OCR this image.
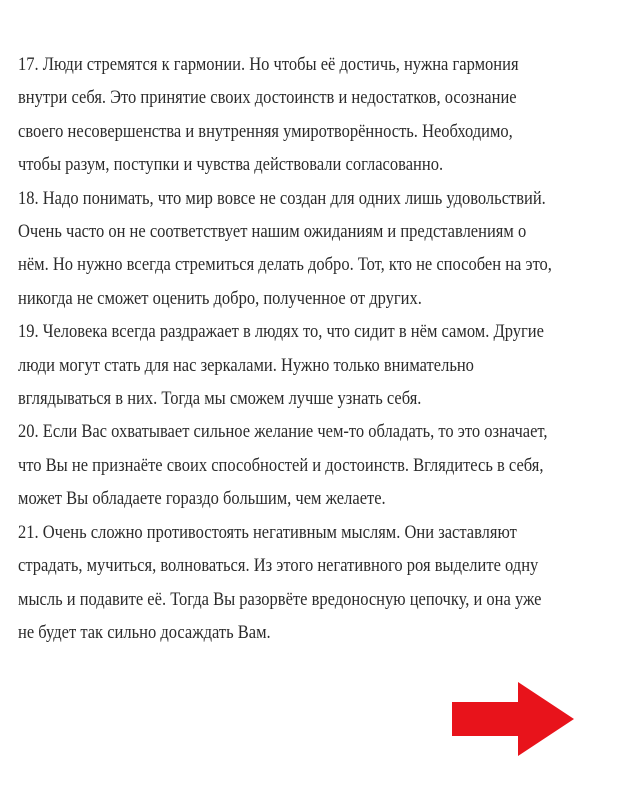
17. Люди стремятся к гармонии. Но чтобы её достичь, нужна гармония
внутри себя. Это принятие своих достоинств и недостатков, осознание
своего несовершенства и внутренняя умиротворённость. Необходимо,
чтобы разум, поступки и чувства действовали согласованно.
18. Надо понимать, что мир вовсе не создан для одних лишь удовольствий.
Очень часто он не соответствует нашим ожиданиям и представлениям о
нём. Но нужно всегда стремиться делать добро. Тот, кто не способен на это,
никогда не сможет оценить добро, полученное от других.
19. Человека всегда раздражает в людях то, что сидит в нём самом. Другие
люди могут стать для нас зеркалами. Нужно только внимательно
вглядываться в них. Тогда мы сможем лучше узнать себя.
20. Если Вас охватывает сильное желание чем-то обладать, то это означает,
что Вы не признаёте своих способностей и достоинств. Вглядитесь в себя,
может Вы обладаете гораздо большим, чем желаете.
21. Очень сложно противостоять негативным мыслям. Они заставляют
страдать, мучиться, волноваться. Из этого негативного роя выделите одну
мысль и подавите её. Тогда Вы разорвёте вредоносную цепочку, и она уже
не будет так сильно досаждать Вам.
